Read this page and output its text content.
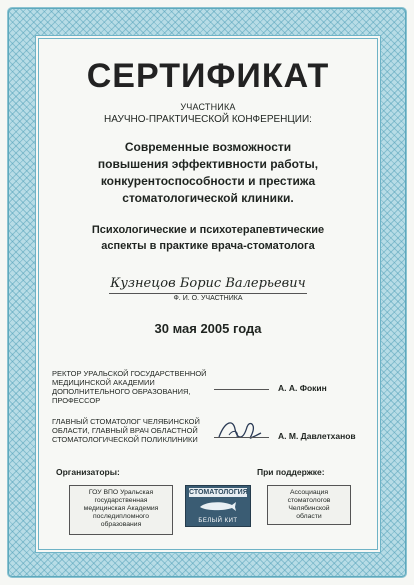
СЕРТИФИКАТ
УЧАСТНИКА
НАУЧНО-ПРАКТИЧЕСКОЙ КОНФЕРЕНЦИИ:
Современные возможности
повышения эффективности работы,
конкурентоспособности и престижа
стоматологической клиники.
Психологические и психотерапевтические
аспекты в практике врача-стоматолога
Кузнецов Борис Валерьевич
Ф. И. О. УЧАСТНИКА
30 мая 2005 года
РЕКТОР УРАЛЬСКОЙ ГОСУДАРСТВЕННОЙ
МЕДИЦИНСКОЙ АКАДЕМИИ
ДОПОЛНИТЕЛЬНОГО ОБРАЗОВАНИЯ,
ПРОФЕССОР
А. А. Фокин
ГЛАВНЫЙ СТОМАТОЛОГ ЧЕЛЯБИНСКОЙ
ОБЛАСТИ, ГЛАВНЫЙ ВРАЧ ОБЛАСТНОЙ
СТОМАТОЛОГИЧЕСКОЙ ПОЛИКЛИНИКИ	А. М. Давлетханов
Организаторы:	При поддержке:
ГОУ ВПО Уральская
государственная
медицинская Академия
последипломного
образования
СТОМАТОЛОГИЯ
БЕЛЫЙ КИТ
Ассоциация
стоматологов
Челябинской
области
